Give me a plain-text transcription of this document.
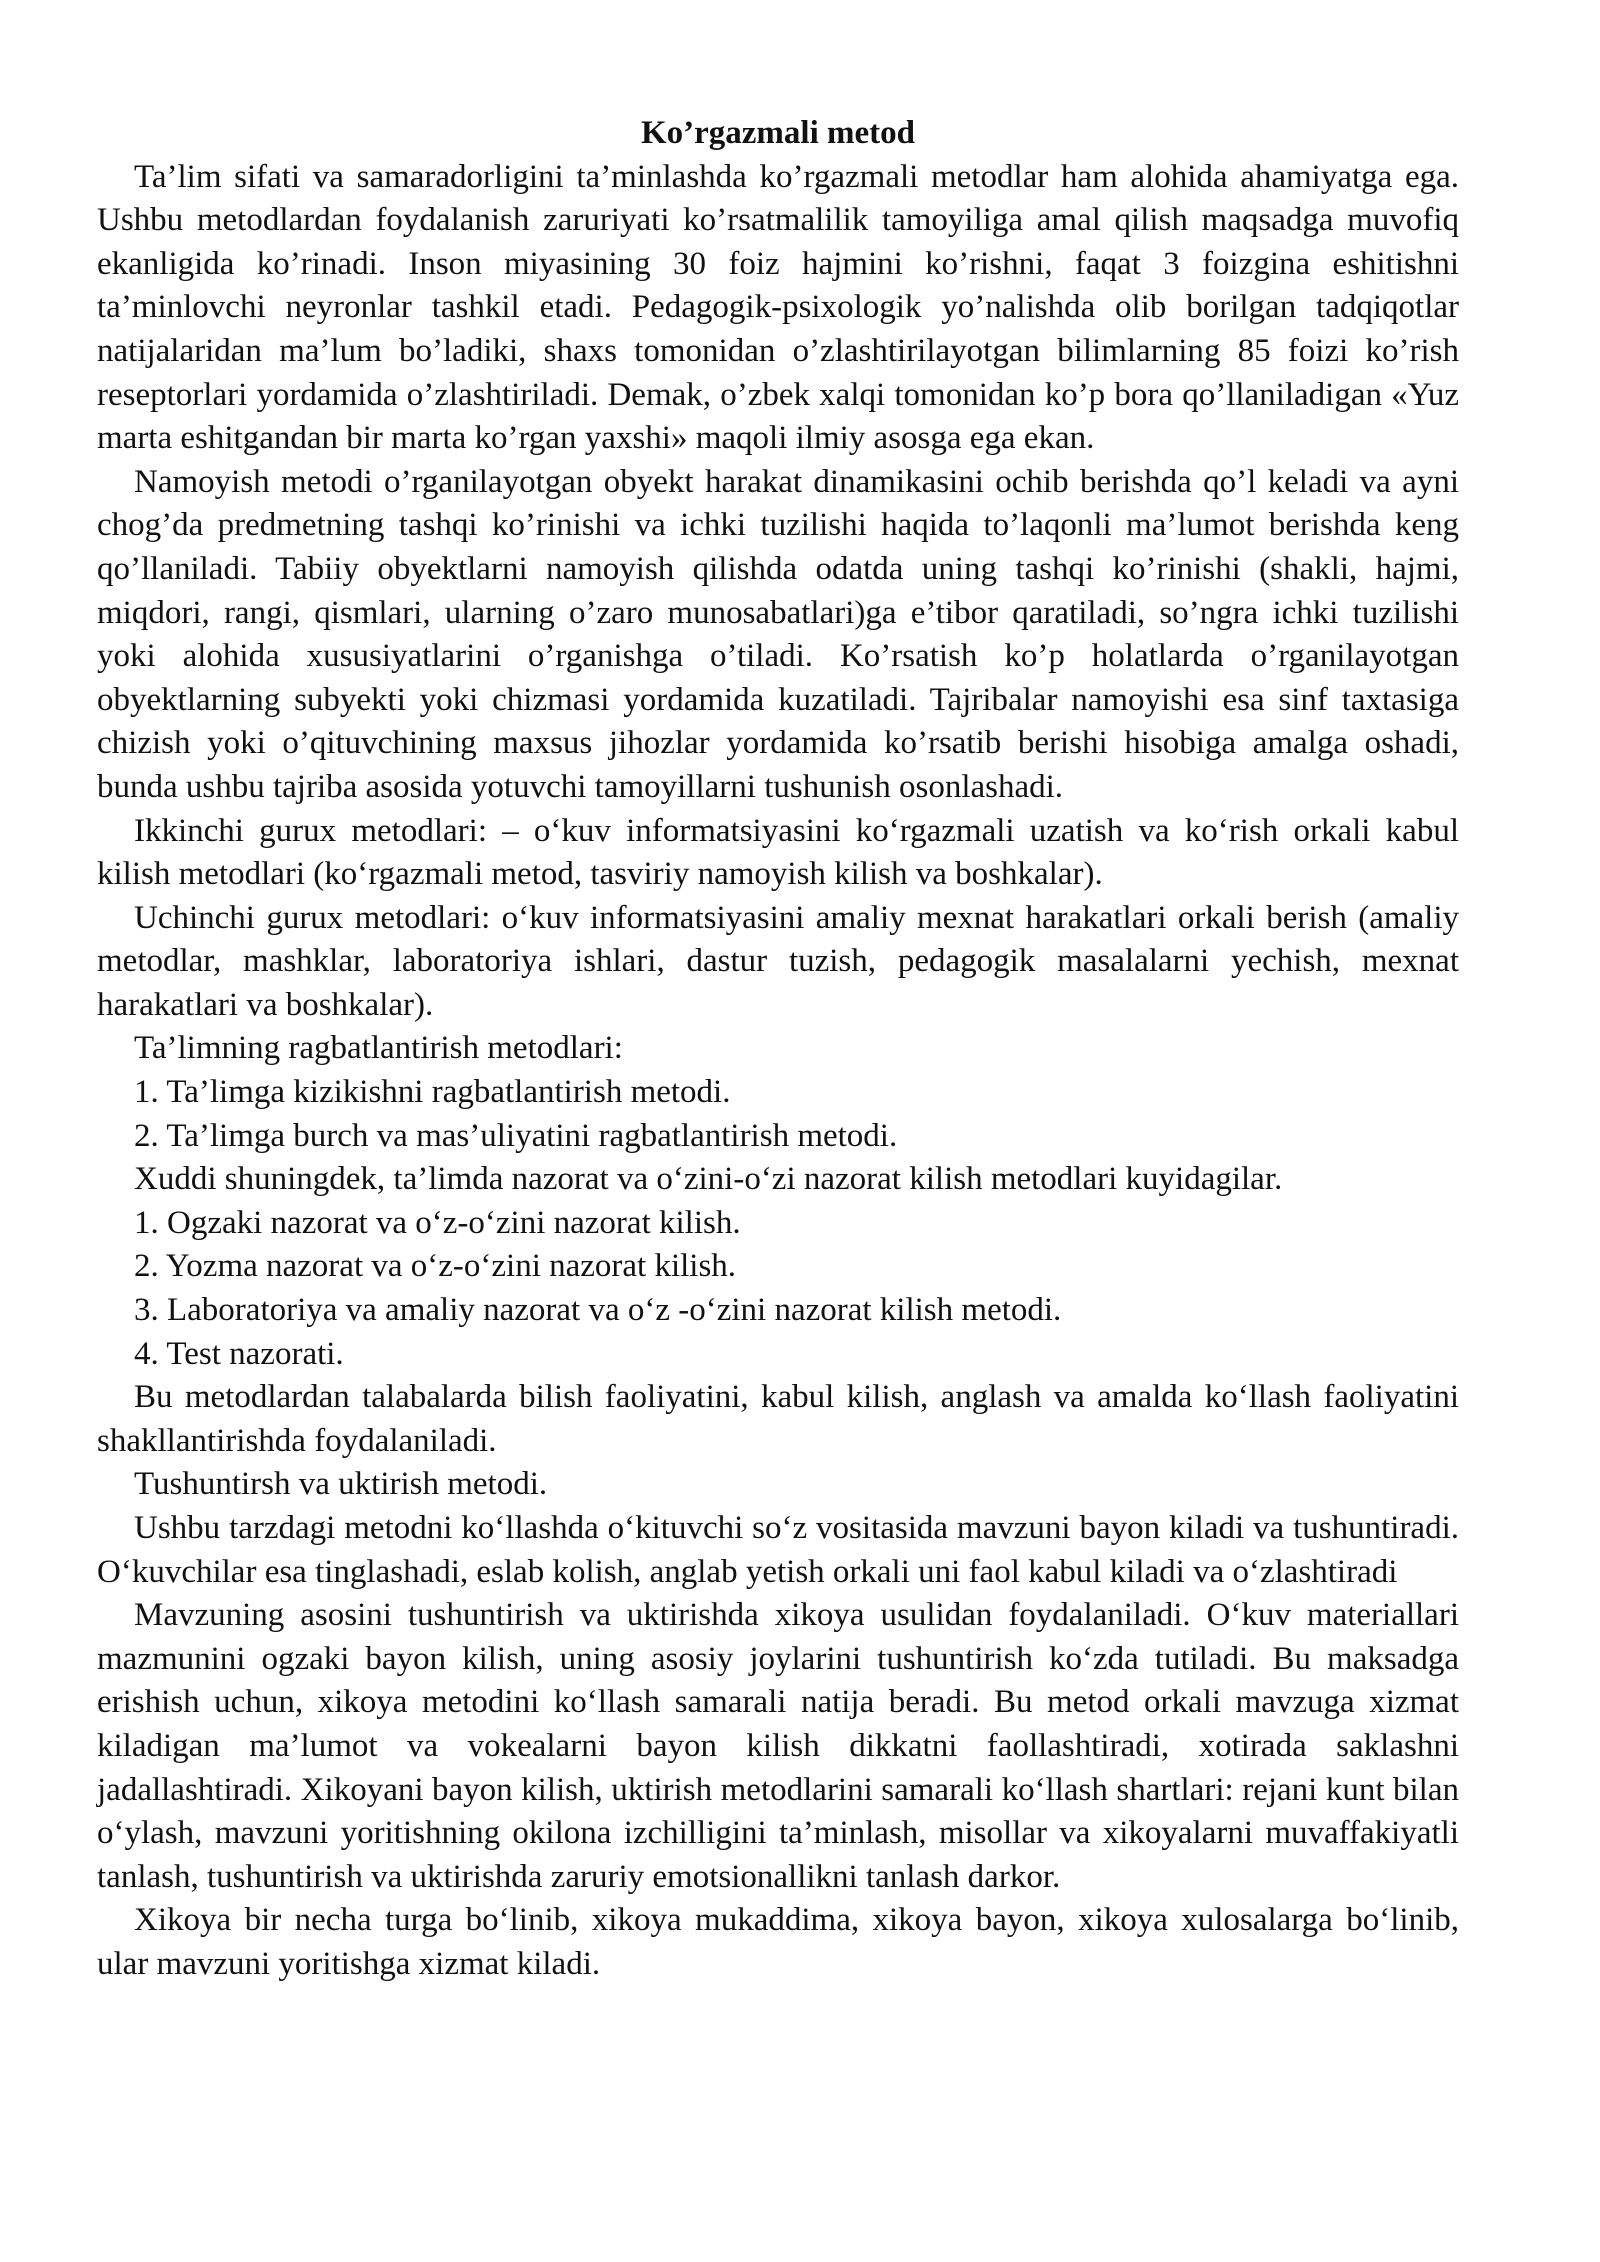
Ko’rgazmali metod

Ta’lim sifati va samaradorligini ta’minlashda ko’rgazmali metodlar ham alohida ahamiyatga ega. Ushbu metodlardan foydalanish zaruriyati ko’rsatmalilik tamoyiliga amal qilish maqsadga muvofiq ekanligida ko’rinadi. Inson miyasining 30 foiz hajmini ko’rishni, faqat 3 foizgina eshitishni ta’minlovchi neyronlar tashkil etadi. Pedagogik-psixologik yo’nalishda olib borilgan tadqiqotlar natijalaridan ma’lum bo’ladiki, shaxs tomonidan o’zlashtirilayotgan bilimlarning 85 foizi ko’rish reseptorlari yordamida o’zlashtiriladi. Demak, o’zbek xalqi tomonidan ko’p bora qo’llaniladigan «Yuz marta eshitgandan bir marta ko’rgan yaxshi» maqoli ilmiy asosga ega ekan.

Namoyish metodi o’rganilayotgan obyekt harakat dinamikasini ochib berishda qo’l keladi va ayni chog’da predmetning tashqi ko’rinishi va ichki tuzilishi haqida to’laqonli ma’lumot berishda keng qo’llaniladi. Tabiiy obyektlarni namoyish qilishda odatda uning tashqi ko’rinishi (shakli, hajmi, miqdori, rangi, qismlari, ularning o’zaro munosabatlari)ga e’tibor qaratiladi, so’ngra ichki tuzilishi yoki alohida xususiyatlarini o’rganishga o’tiladi. Ko’rsatish ko’p holatlarda o’rganilayotgan obyektlarning subyekti yoki chizmasi yordamida kuzatiladi. Tajribalar namoyishi esa sinf taxtasiga chizish yoki o’qituvchining maxsus jihozlar yordamida ko’rsatib berishi hisobiga amalga oshadi, bunda ushbu tajriba asosida yotuvchi tamoyillarni tushunish osonlashadi.

Ikkinchi gurux metodlari: – o‘kuv informatsiyasini ko‘rgazmali uzatish va ko‘rish orkali kabul kilish metodlari (ko‘rgazmali metod, tasviriy namoyish kilish va boshkalar).

Uchinchi gurux metodlari: o‘kuv informatsiyasini amaliy mexnat harakatlari orkali berish (amaliy metodlar, mashklar, laboratoriya ishlari, dastur tuzish, pedagogik masalalarni yechish, mexnat harakatlari va boshkalar).

Ta’limning ragbatlantirish metodlari:

1. Ta’limga kizikishni ragbatlantirish metodi.

2. Ta’limga burch va mas’uliyatini ragbatlantirish metodi.

Xuddi shuningdek, ta’limda nazorat va o‘zini-o‘zi nazorat kilish metodlari kuyidagilar.

1. Ogzaki nazorat va o‘z-o‘zini nazorat kilish.

2. Yozma nazorat va o‘z-o‘zini nazorat kilish.

3. Laboratoriya va amaliy nazorat va o‘z -o‘zini nazorat kilish metodi.

4. Test nazorati.

Bu metodlardan talabalarda bilish faoliyatini, kabul kilish, anglash va amalda ko‘llash faoliyatini shakllantirishda foydalaniladi.

Tushuntirsh va uktirish metodi.

Ushbu tarzdagi metodni ko‘llashda o‘kituvchi so‘z vositasida mavzuni bayon kiladi va tushuntiradi. O‘kuvchilar esa tinglashadi, eslab kolish, anglab yetish orkali uni faol kabul kiladi va o‘zlashtiradi

Mavzuning asosini tushuntirish va uktirishda xikoya usulidan foydalaniladi. O‘kuv materiallari mazmunini ogzaki bayon kilish, uning asosiy joylarini tushuntirish ko‘zda tutiladi. Bu maksadga erishish uchun, xikoya metodini ko‘llash samarali natija beradi. Bu metod orkali mavzuga xizmat kiladigan ma’lumot va vokealarni bayon kilish dikkatni faollashtiradi, xotirada saklashni jadallashtiradi. Xikoyani bayon kilish, uktirish metodlarini samarali ko‘llash shartlari: rejani kunt bilan o‘ylash, mavzuni yoritishning okilona izchilligini ta’minlash, misollar va xikoyalarni muvaffakiyatli tanlash, tushuntirish va uktirishda zaruriy emotsionallikni tanlash darkor.

Xikoya bir necha turga bo‘linib, xikoya mukaddima, xikoya bayon, xikoya xulosalarga bo‘linib, ular mavzuni yoritishga xizmat kiladi.
